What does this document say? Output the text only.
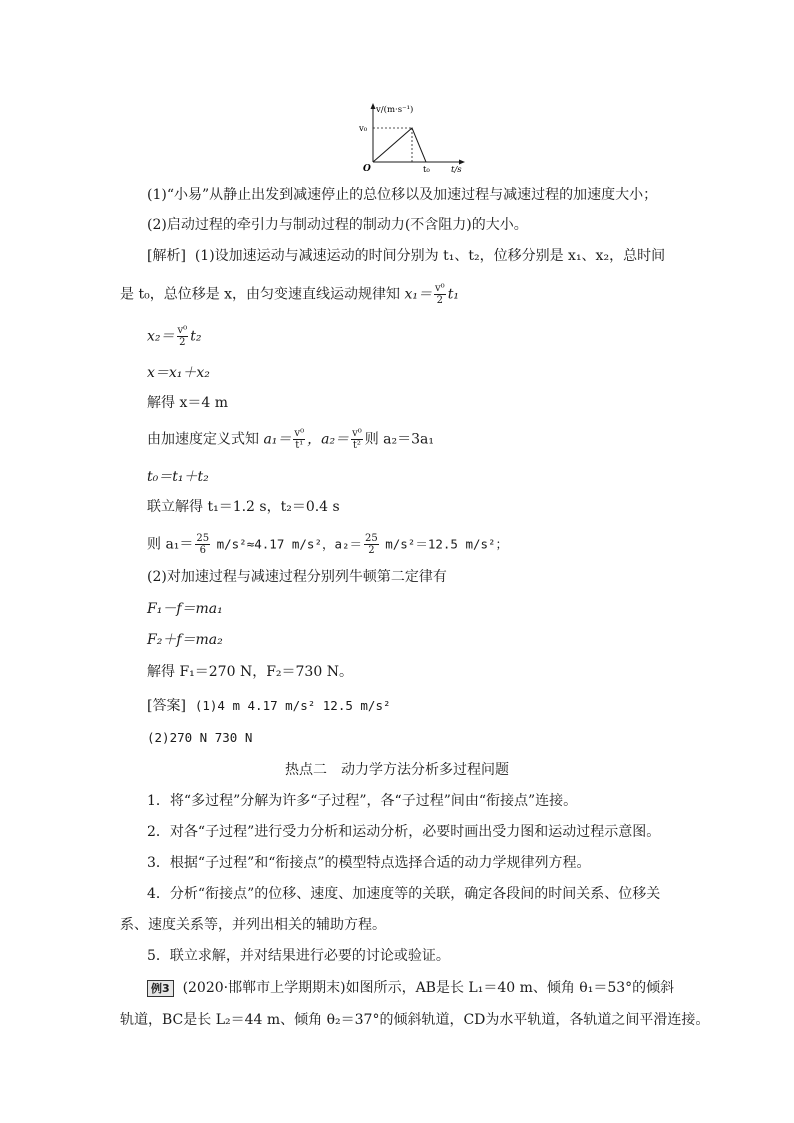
v/(m·s⁻¹)
v₀
O	t₀ t/s
(1)“小易”从静止出发到减速停止的总位移以及加速过程与减速过程的加速度大小；
(2)启动过程的牵引力与制动过程的制动力(不含阻力)的大小。
[解析] (1)设加速运动与减速运动的时间分别为 t₁、t₂，位移分别是 x₁、x₂，总时间
是 t₀，总位移是 x，由匀变速直线运动规律知 $x_1= \frac{\text{v⁰}}{2} t_1$
$x_2= \frac{\text{v⁰}}{2} t_2$
x＝x₁＋x₂
解得 x＝4 m
由加速度定义式知 $a_1= \frac{\text{v⁰}}{\text{t¹}}$ ，$a_2= \frac{\text{v⁰}}{\text{t²}}$ 则 a₂＝3a₁
t₀＝t₁＋t₂
联立解得 t₁＝1.2 s，t₂＝0.4 s
则 $a_1= \frac{25}{6} m/s^2\approx 4.17$ m/s²，$a_2= \frac{25}{2} m/s^2=12.5$ m/s²；
(2)对加速过程与减速过程分别列牛顿第二定律有
F₁－f＝ma₁
F₂＋f＝ma₂
解得 F₁＝270 N，F₂＝730 N。
[答案] (1)4 m 4.17 m/s² 12.5 m/s²
(2)270 N 730 N
热点二　动力学方法分析多过程问题
1．将“多过程”分解为许多“子过程”，各“子过程”间由“衔接点”连接。
2．对各“子过程”进行受力分析和运动分析，必要时画出受力图和运动过程示意图。
3．根据“子过程”和“衔接点”的模型特点选择合适的动力学规律列方程。
4．分析“衔接点”的位移、速度、加速度等的关联，确定各段间的时间关系、位移关
系、速度关系等，并列出相关的辅助方程。
5．联立求解，并对结果进行必要的讨论或验证。
例3 (2020·邯郸市上学期期末)如图所示，AB是长 L₁＝40 m、倾角 θ₁＝53°的倾斜
轨道，BC是长 L₂＝44 m、倾角 θ₂＝37°的倾斜轨道，CD为水平轨道，各轨道之间平滑连接。
